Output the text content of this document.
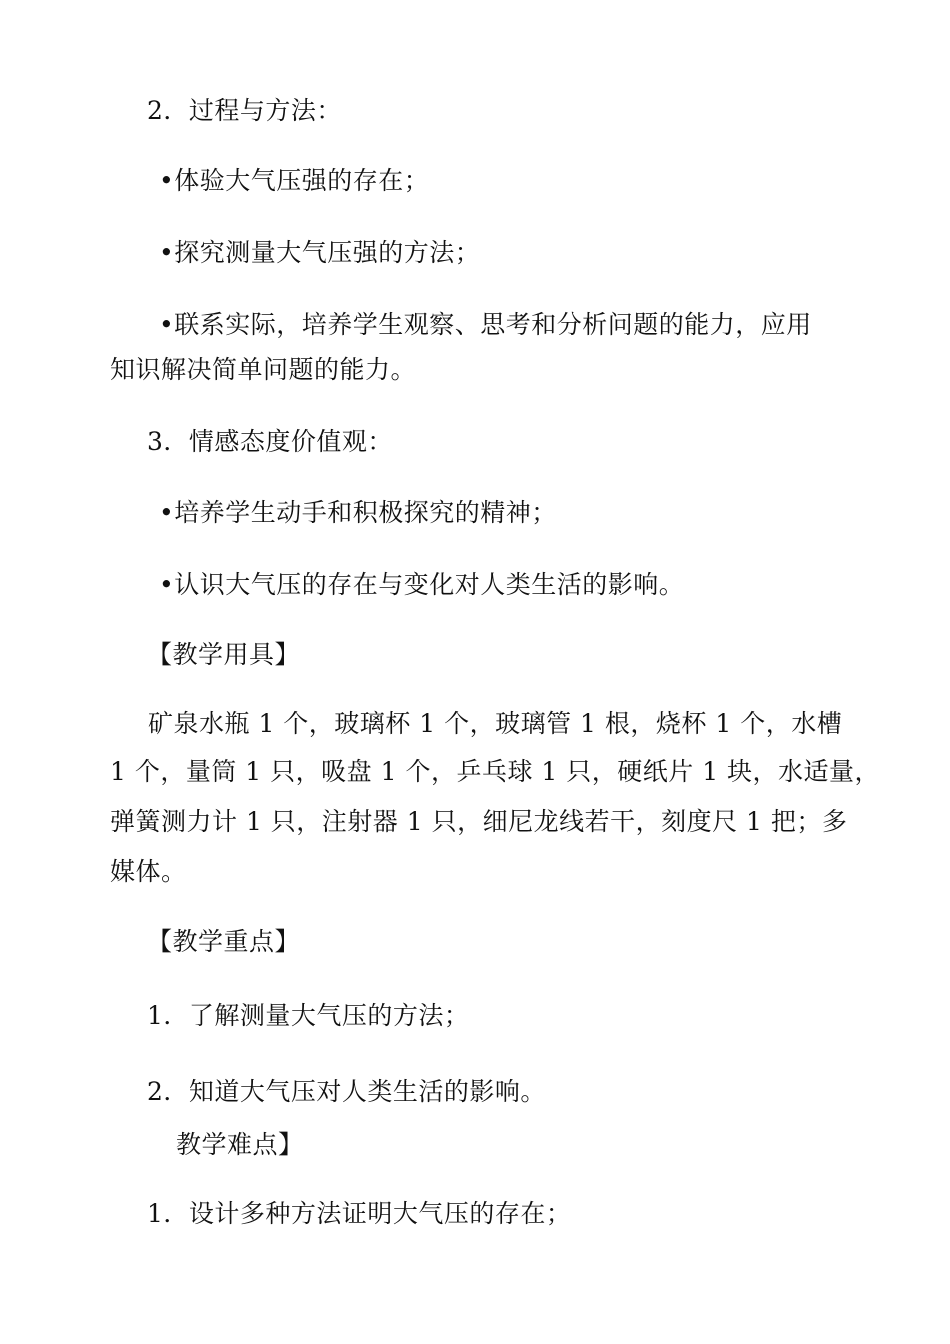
2．过程与方法：
•体验大气压强的存在；
•探究测量大气压强的方法；
•联系实际，培养学生观察、思考和分析问题的能力，应用
知识解决简单问题的能力。
3．情感态度价值观：
•培养学生动手和积极探究的精神；
•认识大气压的存在与变化对人类生活的影响。
【教学用具】
矿泉水瓶 1 个，玻璃杯 1 个，玻璃管 1 根，烧杯 1 个，水槽
1 个，量筒 1 只，吸盘 1 个，乒乓球 1 只，硬纸片 1 块，水适量，
弹簧测力计 1 只，注射器 1 只，细尼龙线若干，刻度尺 1 把；多
媒体。
【教学重点】
1．了解测量大气压的方法；
2．知道大气压对人类生活的影响。
教学难点】
1．设计多种方法证明大气压的存在；
